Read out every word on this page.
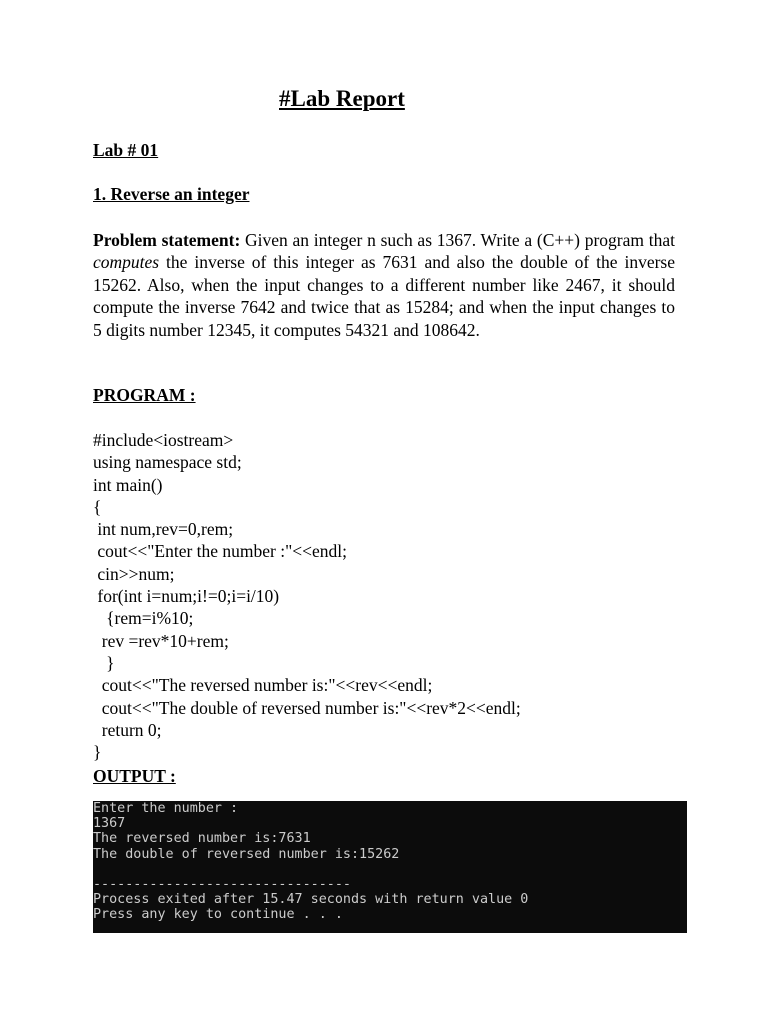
#Lab Report
Lab # 01
1. Reverse an integer
Problem statement: Given an integer n such as 1367. Write a (C++) program that computes the inverse of this integer as 7631 and also the double of the inverse 15262. Also, when the input changes to a different number like 2467, it should compute the inverse 7642 and twice that as 15284; and when the input changes to 5 digits number 12345, it computes 54321 and 108642.
PROGRAM :
#include<iostream>
using namespace std;
int main()
{
int num,rev=0,rem;
cout<<"Enter the number :"<<endl;
cin>>num;
for(int i=num;i!=0;i=i/10)
{rem=i%10;
rev =rev*10+rem;
}
cout<<"The reversed number is:"<<rev<<endl;
cout<<"The double of reversed number is:"<<rev*2<<endl;
return 0;
}
OUTPUT :
Enter the number :
1367
The reversed number is:7631
The double of reversed number is:15262
--------------------------------
Process exited after 15.47 seconds with return value 0
Press any key to continue . . .
